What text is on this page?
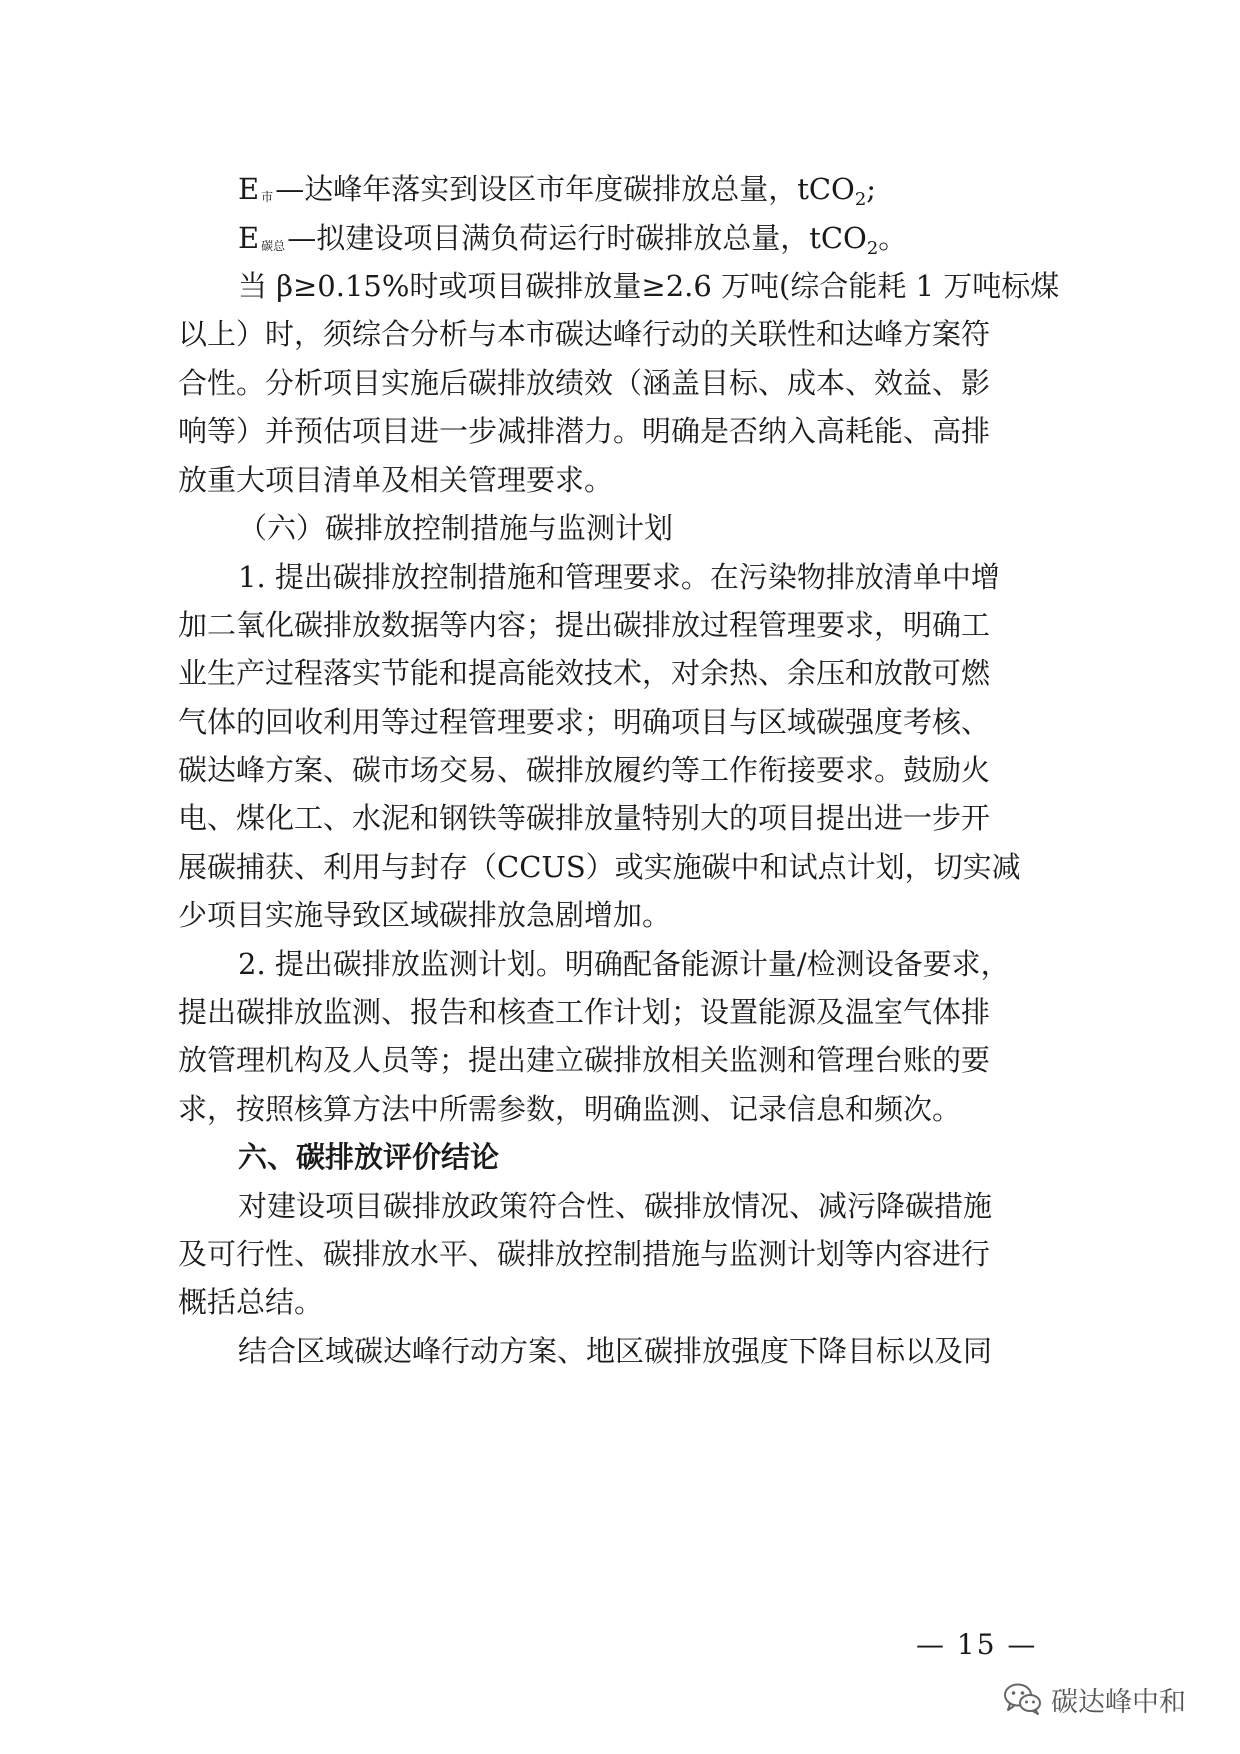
E市—达峰年落实到设区市年度碳排放总量，tCO$_2$;

E碳总—拟建设项目满负荷运行时碳排放总量，tCO$_2$。

当 β≥0.15%时或项目碳排放量≥2.6 万吨(综合能耗 1 万吨标煤

以上）时，须综合分析与本市碳达峰行动的关联性和达峰方案符

合性。分析项目实施后碳排放绩效（涵盖目标、成本、效益、影

响等）并预估项目进一步减排潜力。明确是否纳入高耗能、高排

放重大项目清单及相关管理要求。

（六）碳排放控制措施与监测计划

1. 提出碳排放控制措施和管理要求。在污染物排放清单中增

加二氧化碳排放数据等内容；提出碳排放过程管理要求，明确工

业生产过程落实节能和提高能效技术，对余热、余压和放散可燃

气体的回收利用等过程管理要求；明确项目与区域碳强度考核、

碳达峰方案、碳市场交易、碳排放履约等工作衔接要求。鼓励火

电、煤化工、水泥和钢铁等碳排放量特别大的项目提出进一步开

展碳捕获、利用与封存（CCUS）或实施碳中和试点计划，切实减

少项目实施导致区域碳排放急剧增加。

2. 提出碳排放监测计划。明确配备能源计量/检测设备要求，

提出碳排放监测、报告和核查工作计划；设置能源及温室气体排

放管理机构及人员等；提出建立碳排放相关监测和管理台账的要

求，按照核算方法中所需参数，明确监测、记录信息和频次。

六、碳排放评价结论

对建设项目碳排放政策符合性、碳排放情况、减污降碳措施

及可行性、碳排放水平、碳排放控制措施与监测计划等内容进行

概括总结。

结合区域碳达峰行动方案、地区碳排放强度下降目标以及同

— 15 —

碳达峰中和
